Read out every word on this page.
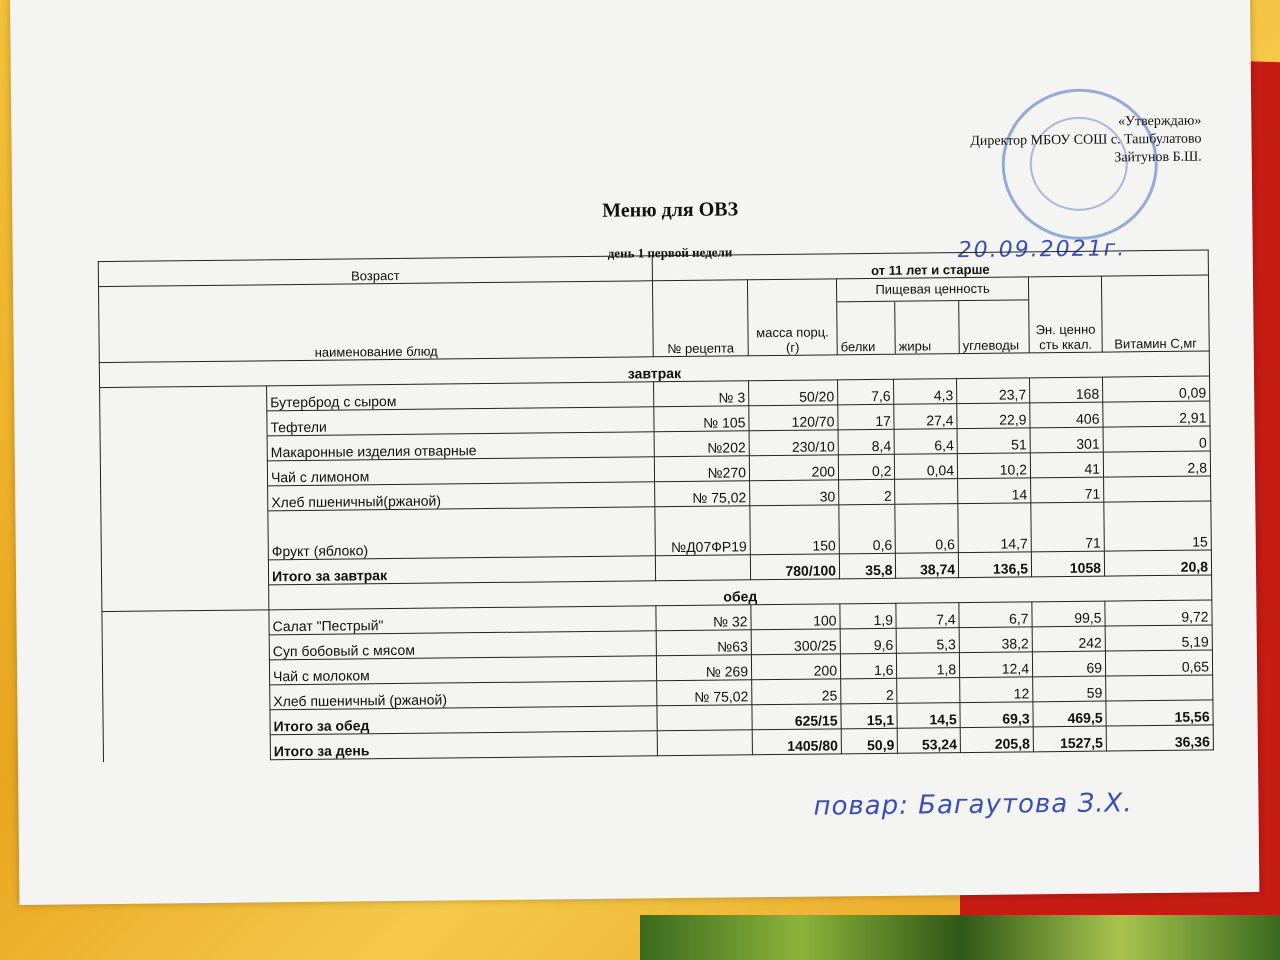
«Утверждаю»
Директор МБОУ СОШ с. Ташбулатово
Зайтунов Б.Ш.
Меню для ОВЗ
день 1 первой недели	20.09.2021г.
Возраст		от 11 лет и старше						
наименование блюд		№ рецепта	масса порц. (г)	Пищевая ценность
белки жиры углеводы			Эн. ценность ккал.	Витамин С,мг
завтрак								
	Бутерброд с сыром	№ 3	50/20	7,6	4,3	23,7	168	0,09
	Тефтели	№ 105	120/70	17	27,4	22,9	406	2,91
	Макаронные изделия отварные	№202	230/10	8,4	6,4	51	301	0
	Чай с лимоном	№270	200	0,2	0,04	10,2	41	2,8
	Хлеб пшеничный(ржаной)	№ 75,02	30	2		14	71	
	Фрукт (яблоко)	№Д07ФР19	150	0,6	0,6	14,7	71	15
	Итого за завтрак		780/100	35,8	38,74	136,5	1058	20,8
	обед							
	Салат "Пестрый"	№ 32	100	1,9	7,4	6,7	99,5	9,72
	Суп бобовый с мясом	№63	300/25	9,6	5,3	38,2	242	5,19
	Чай с молоком	№ 269	200	1,6	1,8	12,4	69	0,65
	Хлеб пшеничный (ржаной)	№ 75,02	25	2		12	59	
	Итого за обед		625/15	15,1	14,5	69,3	469,5	15,56
	Итого за день		1405/80	50,9	53,24	205,8	1527,5	36,36
повар: Багаутова З.Х.
